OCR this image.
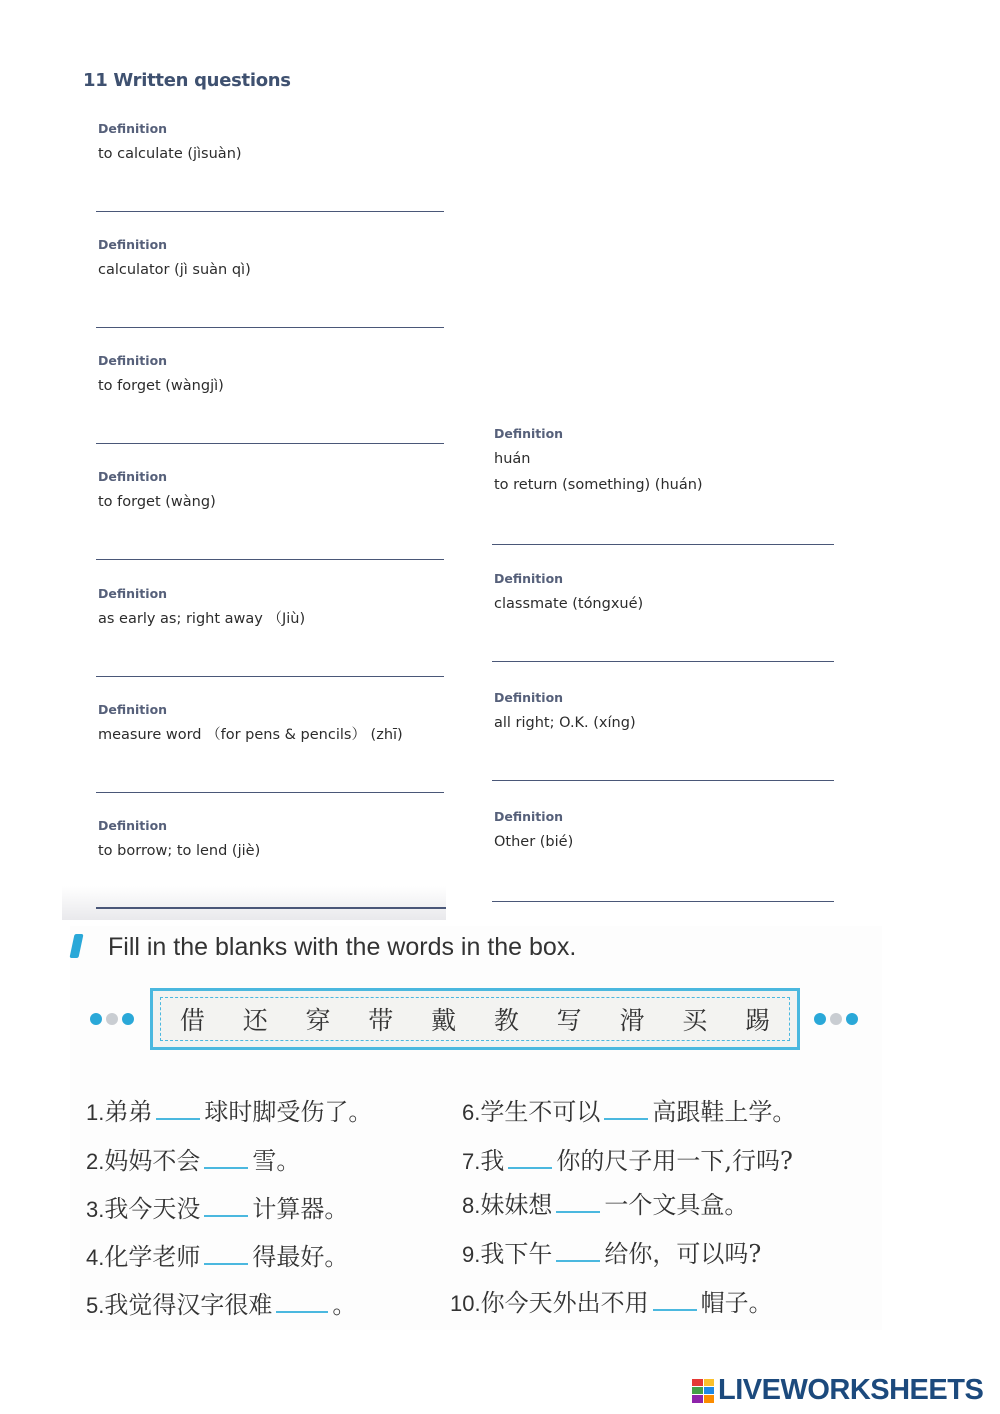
11 Written questions
Definition
to calculate (jìsuàn)
Definition
calculator (jì suàn qì)
Definition
to forget (wàngjì)
Definition
to forget (wàng)
Definition
as early as; right away （Jiù)
Definition
measure word （for pens & pencils） (zhī)
Definition
to borrow; to lend (jiè)
Definition
huán
to return (something) (huán)
Definition
classmate (tóngxué)
Definition
all right; O.K. (xíng)
Definition
Other (bié)
Fill in the blanks with the words in the box.
借 还 穿 带 戴 教 写 滑 买 踢
1.弟弟 球时脚受伤了。
2.妈妈不会 雪。
3.我今天没 计算器。
4.化学老师 得最好。
5.我觉得汉字很难	。
6.学生不可以 高跟鞋上学。
7.我 你的尺子用一下,行吗?
8.妹妹想 一个文具盒。
9.我下午 给你，可以吗?
10.你今天外出不用 帽子。
LIVEWORKSHEETS
